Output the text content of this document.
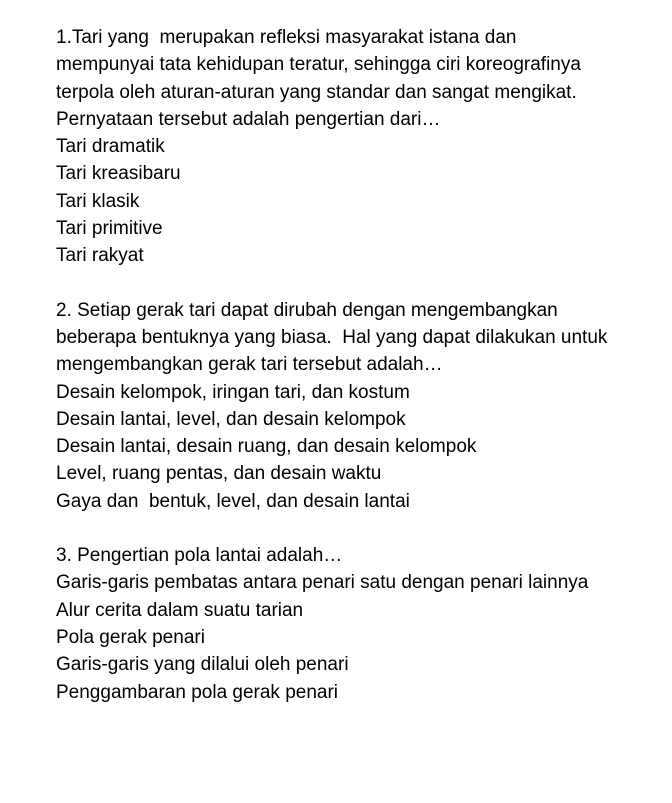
1.Tari yang  merupakan refleksi masyarakat istana dan mempunyai tata kehidupan teratur, sehingga ciri koreografinya terpola oleh aturan-aturan yang standar dan sangat mengikat.  Pernyataan tersebut adalah pengertian dari…

Tari dramatik
Tari kreasibaru
Tari klasik
Tari primitive
Tari rakyat

2. Setiap gerak tari dapat dirubah dengan mengembangkan beberapa bentuknya yang biasa.  Hal yang dapat dilakukan untuk mengembangkan gerak tari tersebut adalah…

Desain kelompok, iringan tari, dan kostum
Desain lantai, level, dan desain kelompok
Desain lantai, desain ruang, dan desain kelompok
Level, ruang pentas, dan desain waktu
Gaya dan  bentuk, level, dan desain lantai

3. Pengertian pola lantai adalah…

Garis-garis pembatas antara penari satu dengan penari lainnya
Alur cerita dalam suatu tarian
Pola gerak penari
Garis-garis yang dilalui oleh penari
Penggambaran pola gerak penari
